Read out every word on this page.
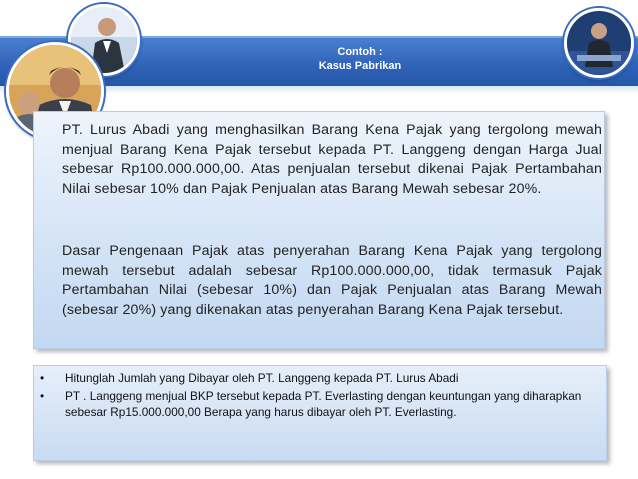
Contoh :
Kasus Pabrikan

PT. Lurus Abadi yang menghasilkan Barang Kena Pajak yang tergolong mewah menjual Barang Kena Pajak tersebut kepada PT. Langgeng dengan Harga Jual sebesar Rp100.000.000,00. Atas penjualan tersebut dikenai Pajak Pertambahan Nilai sebesar 10% dan Pajak Penjualan atas Barang Mewah sebesar 20%.

Dasar Pengenaan Pajak atas penyerahan Barang Kena Pajak yang tergolong mewah tersebut adalah sebesar Rp100.000.000,00, tidak termasuk Pajak Pertambahan Nilai (sebesar 10%) dan Pajak Penjualan atas Barang Mewah (sebesar 20%) yang dikenakan atas penyerahan Barang Kena Pajak tersebut.

• Hitunglah Jumlah yang Dibayar oleh PT. Langgeng kepada PT. Lurus Abadi
• PT . Langgeng menjual BKP tersebut kepada PT. Everlasting dengan keuntungan yang diharapkan sebesar Rp15.000.000,00 Berapa yang harus dibayar oleh PT. Everlasting.
